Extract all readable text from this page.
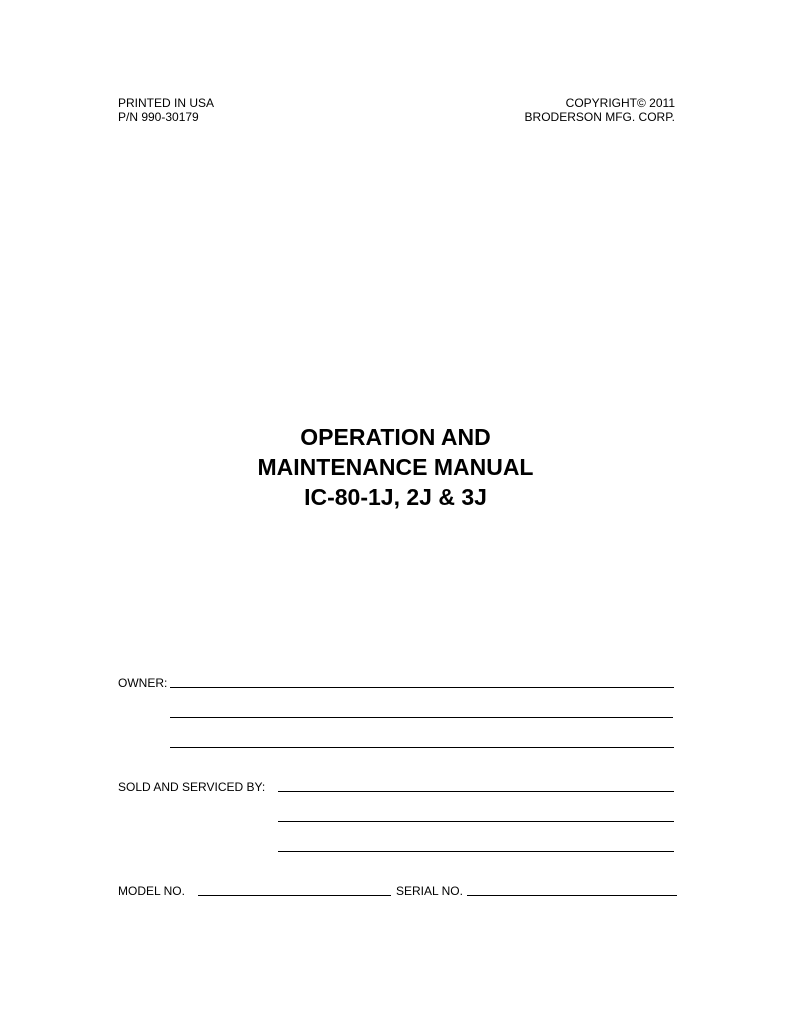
PRINTED IN USA
P/N 990-30179
COPYRIGHT© 2011
BRODERSON MFG. CORP.
OPERATION AND
MAINTENANCE MANUAL
IC-80-1J, 2J & 3J
OWNER:
SOLD AND SERVICED BY:
MODEL NO.	SERIAL NO.
